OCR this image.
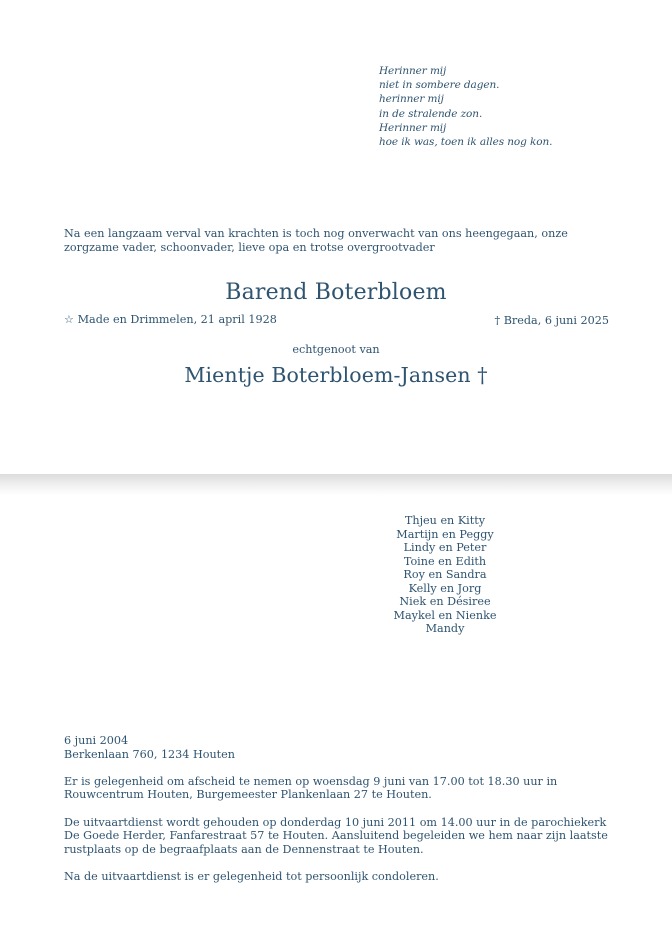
Herinner mij
niet in sombere dagen.
herinner mij
in de stralende zon.
Herinner mij
hoe ik was, toen ik alles nog kon.
Na een langzaam verval van krachten is toch nog onverwacht van ons heengegaan, onze
zorgzame vader, schoonvader, lieve opa en trotse overgrootvader
Barend Boterbloem
☆ Made en Drimmelen, 21 april 1928	† Breda, 6 juni 2025
echtgenoot van
Mientje Boterbloem-Jansen †
Thjeu en Kitty
Martijn en Peggy
Lindy en Peter
Toine en Edith
Roy en Sandra
Kelly en Jorg
Niek en Désiree
Maykel en Nienke
Mandy

6 juni 2004
Berkenlaan 760, 1234 Houten

Er is gelegenheid om afscheid te nemen op woensdag 9 juni van 17.00 tot 18.30 uur in
Rouwcentrum Houten, Burgemeester Plankenlaan 27 te Houten.

De uitvaartdienst wordt gehouden op donderdag 10 juni 2011 om 14.00 uur in de parochiekerk
De Goede Herder, Fanfarestraat 57 te Houten. Aansluitend begeleiden we hem naar zijn laatste
rustplaats op de begraafplaats aan de Dennenstraat te Houten.

Na de uitvaartdienst is er gelegenheid tot persoonlijk condoleren.
